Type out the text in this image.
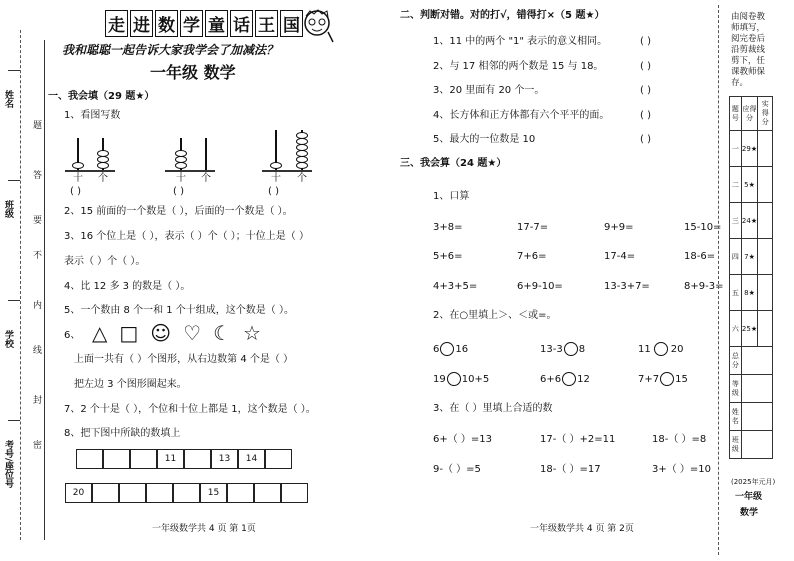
姓名
班级
学校
考号/座位号
题
答
要
不
内
线
封
密
走 进 数 学 童 话 王 国
我和聪聪一起告诉大家我学会了加减法？
一年级 数学
一、我会填（29 题★）
1、看图写数
十 个
( )
十 个
( )
十 个
( )
2、15 前面的一个数是（ ），后面的一个数是（ ）。
3、16 个位上是（ ），表示（ ）个（ ）；十位上是（ ）
表示（ ）个（ ）。
4、比 12 多 3 的数是（ ）。
5、一个数由 8 个一和 1 个十组成，这个数是（ ）。
6、 △ □ ☺ ♡ ☾ ☆
上面一共有（ ）个图形，从右边数第 4 个是（ ）
把左边 3 个图形圈起来。
7、2 个十是（ ），个位和十位上都是 1，这个数是（ ）。
8、把下图中所缺的数填上
11	13	14
20	15
一年级数学共 4 页 第 1页
二、判断对错。对的打√，错得打×（5 题★）
1、11 中的两个 "1" 表示的意义相同。	( )
2、与 17 相邻的两个数是 15 与 18。	( )
3、20 里面有 20 个一。	( )
4、长方体和正方体都有六个平平的面。	( )
5、最大的一位数是 10	( )
三、我会算（24 题★）
1、口算
3+8=	17-7=	9+9=	15-10=
5+6=	7+6=	17-4=	18-6=
4+3+5=	6+9-10=	13-3+7=	8+9-3=
2、在○里填上＞、＜或=。
6 16	13-3 8	11 20
19 10+5	6+6 12	7+7 15
3、在（ ）里填上合适的数
6+（ ）=13	17-（ ）+2=11	18-（ ）=8
9-（ ）=5	18-（ ）=17	3+（ ）=10
一年级数学共 4 页 第 2页
由阅卷教师填写，阅完卷后沿剪裁线剪下，任课教师保存。
题号	应得分	实得分
一	29★	
二	5★	
三	24★	
四	7★	
五	8★	
六	25★	
总分		
等级		
姓名		
班级		
(2025年元月)
一年级
数学
